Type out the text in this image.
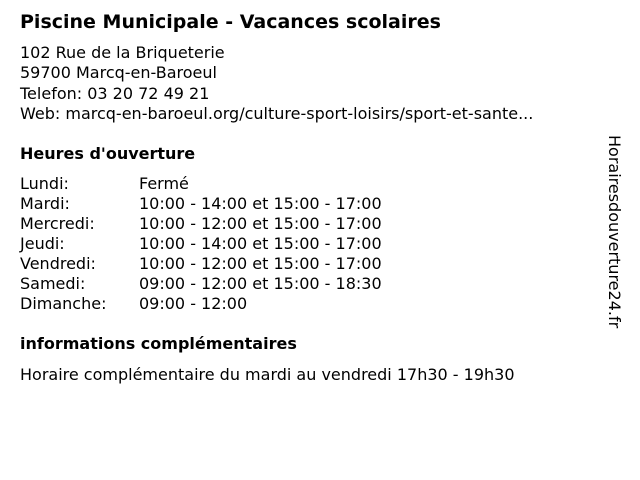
Piscine Municipale - Vacances scolaires
102 Rue de la Briqueterie
59700 Marcq-en-Baroeul
Telefon: 03 20 72 49 21
Web: marcq-en-baroeul.org/culture-sport-loisirs/sport-et-sante...
Heures d'ouverture
Lundi:	Fermé
Mardi:	10:00 - 14:00 et 15:00 - 17:00
Mercredi:	10:00 - 12:00 et 15:00 - 17:00
Jeudi:	10:00 - 14:00 et 15:00 - 17:00
Vendredi:	10:00 - 12:00 et 15:00 - 17:00
Samedi:	09:00 - 12:00 et 15:00 - 18:30
Dimanche: 09:00 - 12:00
informations complémentaires
Horaire complémentaire du mardi au vendredi 17h30 - 19h30
Horairesdouverture24.fr
